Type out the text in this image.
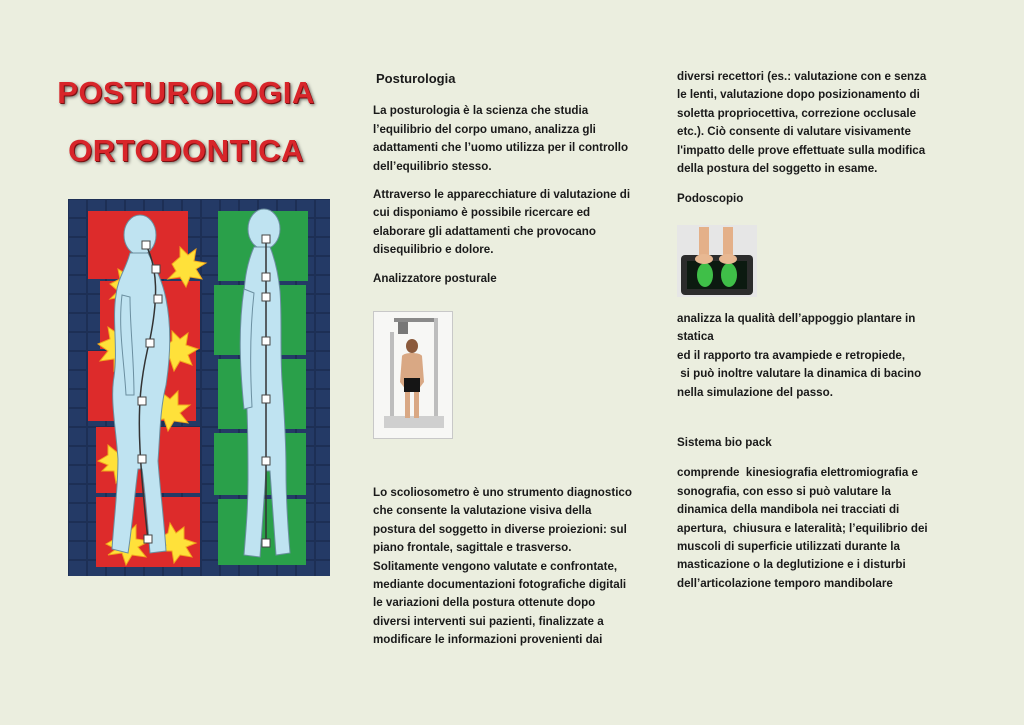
POSTUROLOGIA
ORTODONTICA

Posturologia

La posturologia è la scienza che studia

l’equilibrio del corpo umano, analizza gli

adattamenti che l’uomo utilizza per il controllo

dell’equilibrio stesso.

Attraverso le apparecchiature di valutazione di

cui disponiamo è possibile ricercare ed

elaborare gli adattamenti che provocano

disequilibrio e dolore.

Analizzatore posturale

Lo scoliosometro è uno strumento diagnostico

che consente la valutazione visiva della

postura del soggetto in diverse proiezioni: sul

piano frontale, sagittale e trasverso.

Solitamente vengono valutate e confrontate,

mediante documentazioni fotografiche digitali

le variazioni della postura ottenute dopo

diversi interventi sui pazienti, finalizzate a

modificare le informazioni provenienti dai

diversi recettori (es.: valutazione con e senza

le lenti, valutazione dopo posizionamento di

soletta propriocettiva, correzione occlusale

etc.). Ciò consente di valutare visivamente

l'impatto delle prove effettuate sulla modifica

della postura del soggetto in esame.

Podoscopio

analizza la qualità dell’appoggio plantare in

statica

ed il rapporto tra avampiede e retropiede,

si può inoltre valutare la dinamica di bacino

nella simulazione del passo.

Sistema bio pack

comprende  kinesiografia elettromiografia e

sonografia, con esso si può valutare la

dinamica della mandibola nei tracciati di

apertura,  chiusura e lateralità; l’equilibrio dei

muscoli di superficie utilizzati durante la

masticazione o la deglutizione e i disturbi

dell’articolazione temporo mandibolare
